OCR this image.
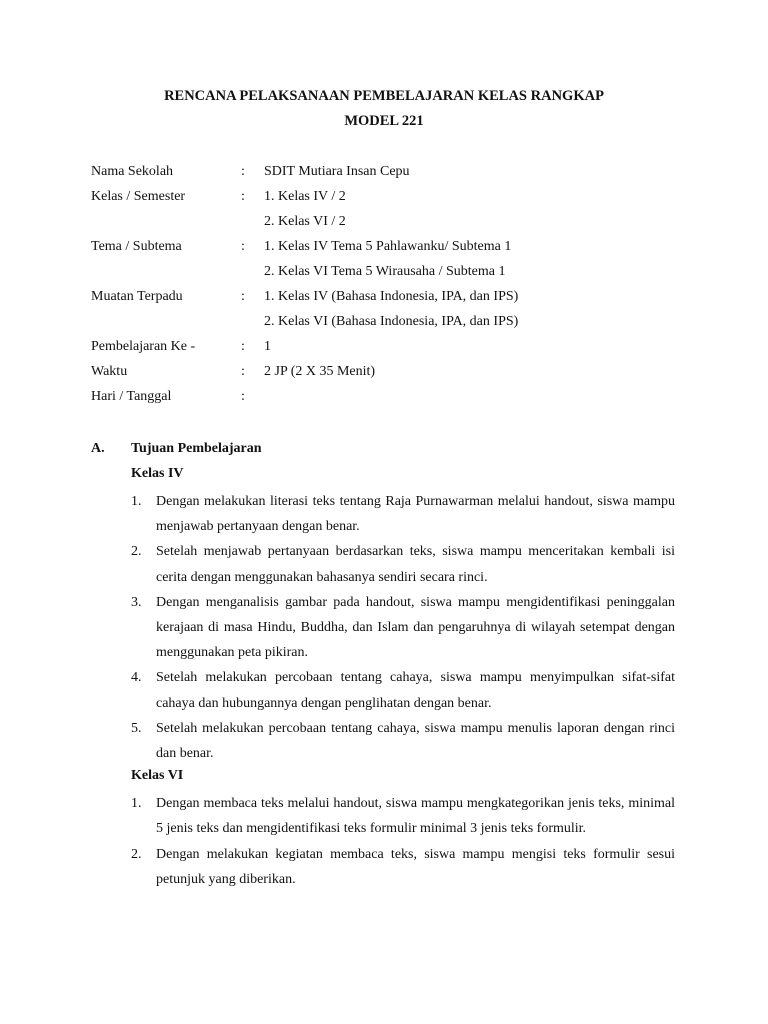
RENCANA PELAKSANAAN PEMBELAJARAN KELAS RANGKAP
MODEL 221
Nama Sekolah	: SDIT Mutiara Insan Cepu
Kelas / Semester	: 1. Kelas IV / 2
2. Kelas VI / 2
Tema / Subtema	: 1. Kelas IV Tema 5 Pahlawanku/ Subtema 1
2. Kelas VI Tema 5 Wirausaha / Subtema 1
Muatan Terpadu	: 1. Kelas IV (Bahasa Indonesia, IPA, dan IPS)
2. Kelas VI (Bahasa Indonesia, IPA, dan IPS)
Pembelajaran Ke -	: 1
Waktu	: 2 JP (2 X 35 Menit)
Hari / Tanggal	:
A. Tujuan Pembelajaran
Kelas IV
1. Dengan melakukan literasi teks tentang Raja Purnawarman melalui handout, siswa mampu menjawab pertanyaan dengan benar.
2. Setelah menjawab pertanyaan berdasarkan teks, siswa mampu menceritakan kembali isi cerita dengan menggunakan bahasanya sendiri secara rinci.
3. Dengan menganalisis gambar pada handout, siswa mampu mengidentifikasi peninggalan kerajaan di masa Hindu, Buddha, dan Islam dan pengaruhnya di wilayah setempat dengan menggunakan peta pikiran.
4. Setelah melakukan percobaan tentang cahaya, siswa mampu menyimpulkan sifat-sifat cahaya dan hubungannya dengan penglihatan dengan benar.
5. Setelah melakukan percobaan tentang cahaya, siswa mampu menulis laporan dengan rinci dan benar.
Kelas VI
1. Dengan membaca teks melalui handout, siswa mampu mengkategorikan jenis teks, minimal 5 jenis teks dan mengidentifikasi teks formulir minimal 3 jenis teks formulir.
2. Dengan melakukan kegiatan membaca teks, siswa mampu mengisi teks formulir sesui petunjuk yang diberikan.
